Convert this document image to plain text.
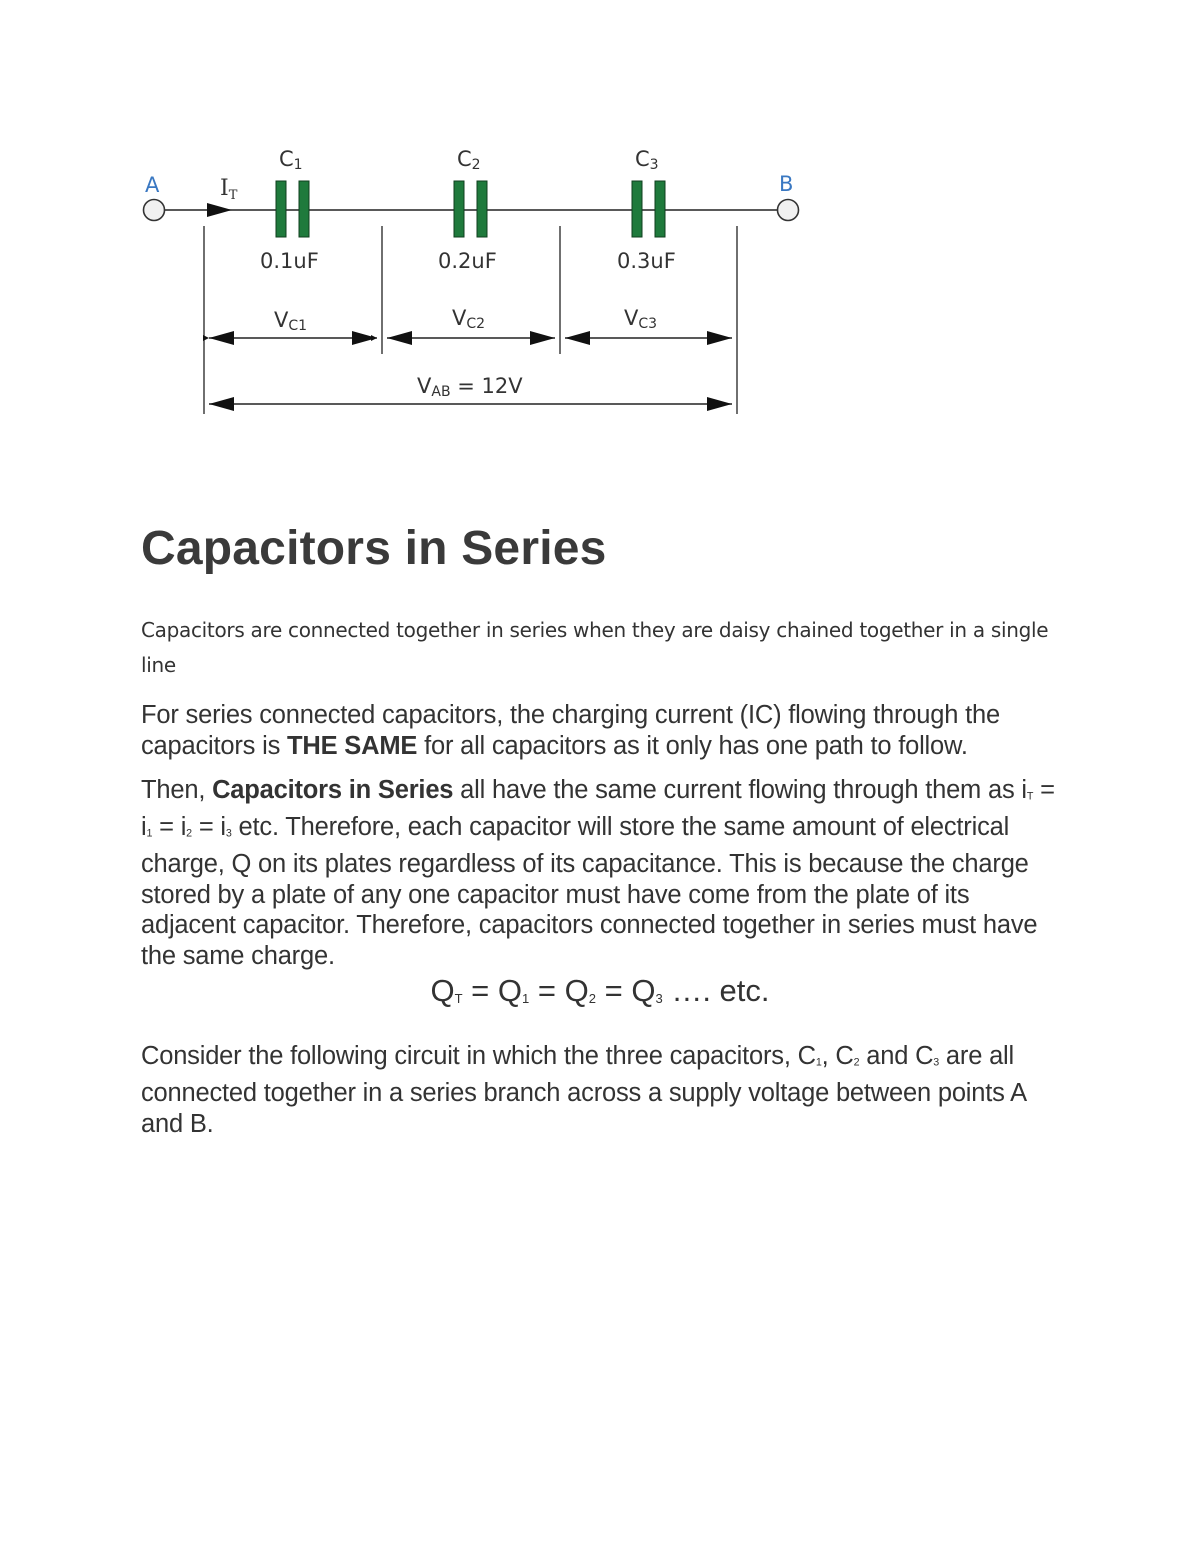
A	B
IT
C1
0.1uF
C2
0.2uF
C3
0.3uF
VC1	VC2	VC3
VAB = 12V
Capacitors in Series

Capacitors are connected together in series when they are daisy chained together in a single line

For series connected capacitors, the charging current (IC) flowing through the capacitors is THE SAME for all capacitors as it only has one path to follow.

Then, Capacitors in Series all have the same current flowing through them as iT = i1 = i2 = i3 etc. Therefore, each capacitor will store the same amount of electrical charge, Q on its plates regardless of its capacitance. This is because the charge stored by a plate of any one capacitor must have come from the plate of its adjacent capacitor. Therefore, capacitors connected together in series must have the same charge.

QT = Q1 = Q2 = Q3 …. etc.

Consider the following circuit in which the three capacitors, C1, C2 and C3 are all connected together in a series branch across a supply voltage between points A and B.
